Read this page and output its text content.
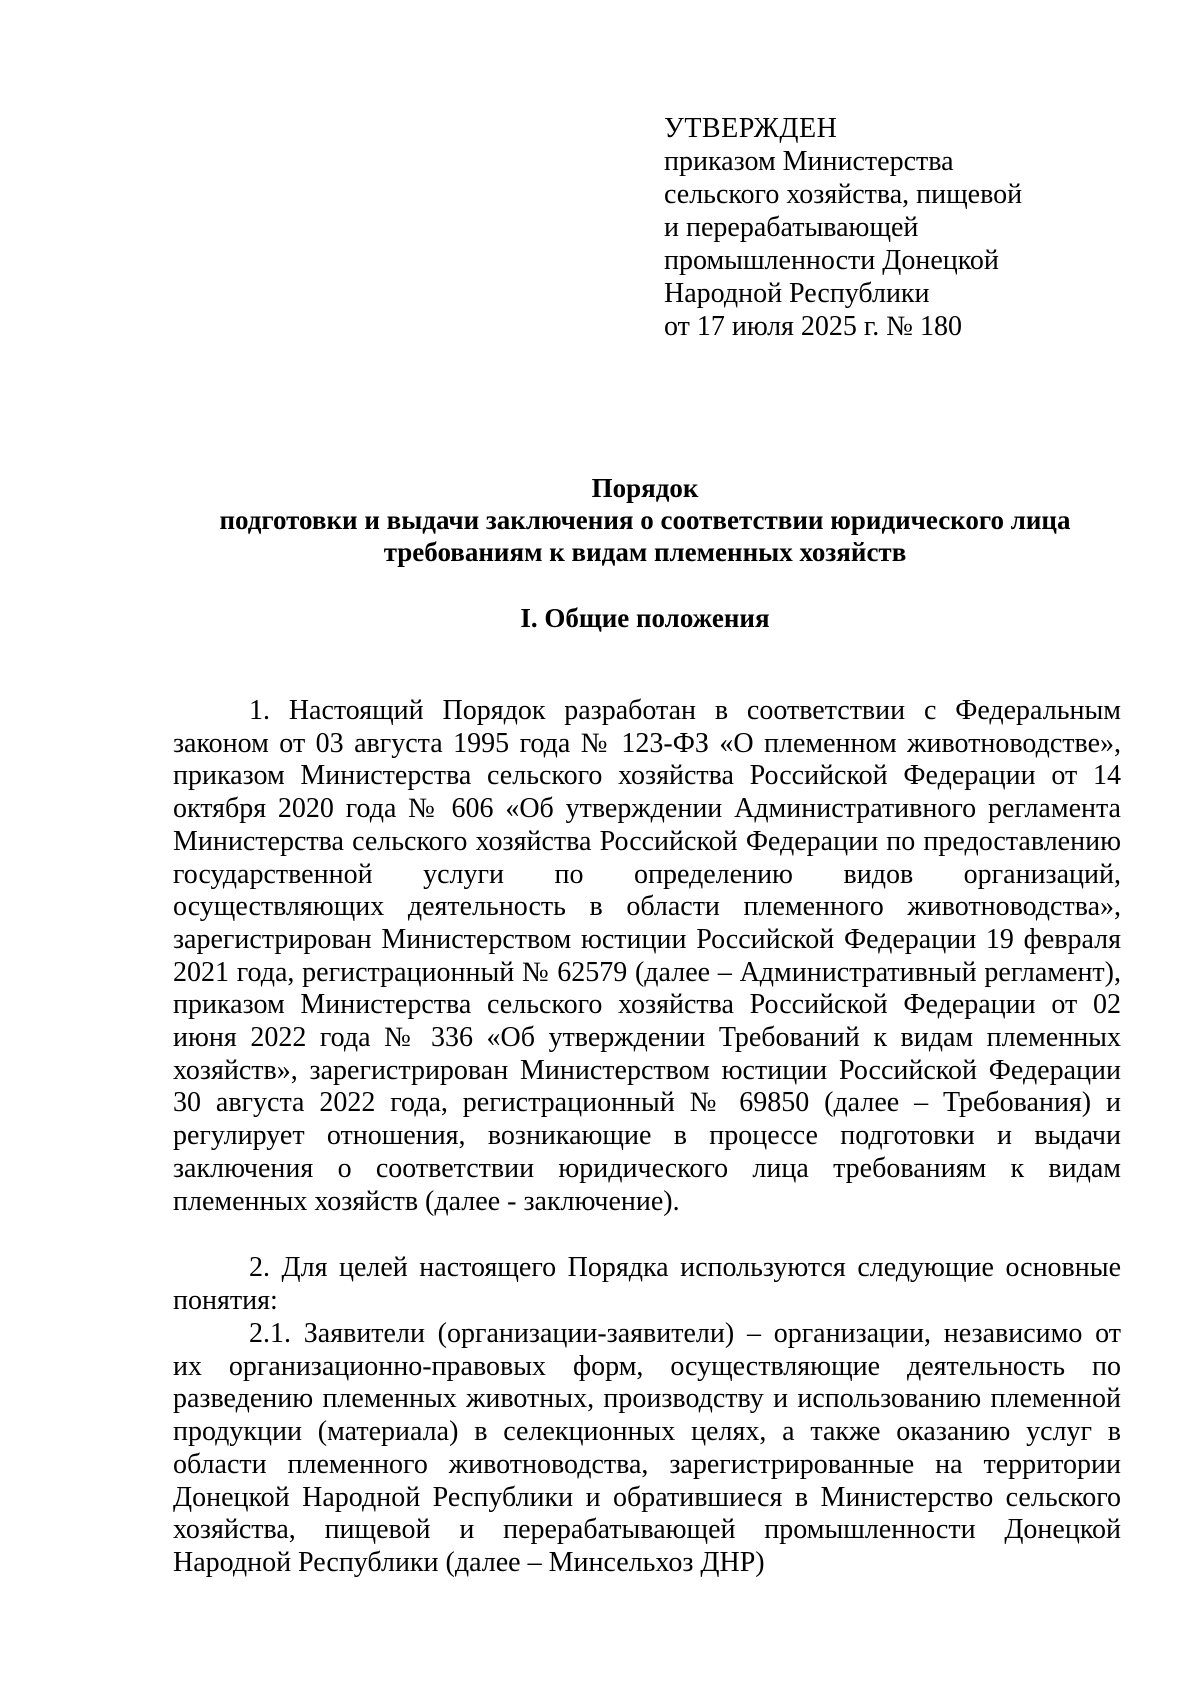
УТВЕРЖДЕН
приказом Министерства
сельского хозяйства, пищевой
и перерабатывающей
промышленности Донецкой
Народной Республики
от 17 июля 2025 г. № 180
Порядок
подготовки и выдачи заключения о соответствии юридического лица
требованиям к видам племенных хозяйств
I. Общие положения

1. Настоящий Порядок разработан в соответствии с Федеральным законом от 03 августа 1995 года № 123-ФЗ «О племенном животноводстве», приказом Министерства сельского хозяйства Российской Федерации от 14 октября 2020 года № 606 «Об утверждении Административного регламента Министерства сельского хозяйства Российской Федерации по предоставлению государственной услуги по определению видов организаций, осуществляющих деятельность в области племенного животноводства», зарегистрирован Министерством юстиции Российской Федерации 19 февраля 2021 года, регистрационный № 62579 (далее – Административный регламент), приказом Министерства сельского хозяйства Российской Федерации от 02 июня 2022 года № 336 «Об утверждении Требований к видам племенных хозяйств», зарегистрирован Министерством юстиции Российской Федерации 30 августа 2022 года, регистрационный № 69850 (далее – Требования) и регулирует отношения, возникающие в процессе подготовки и выдачи заключения о соответствии юридического лица требованиям к видам племенных хозяйств (далее - заключение).

2. Для целей настоящего Порядка используются следующие основные понятия:

2.1. Заявители (организации-заявители) – организации, независимо от их организационно-правовых форм, осуществляющие деятельность по разведению племенных животных, производству и использованию племенной продукции (материала) в селекционных целях, а также оказанию услуг в области племенного животноводства, зарегистрированные на территории Донецкой Народной Республики и обратившиеся в Министерство сельского хозяйства, пищевой и перерабатывающей промышленности Донецкой Народной Республики (далее – Минсельхоз ДНР)
